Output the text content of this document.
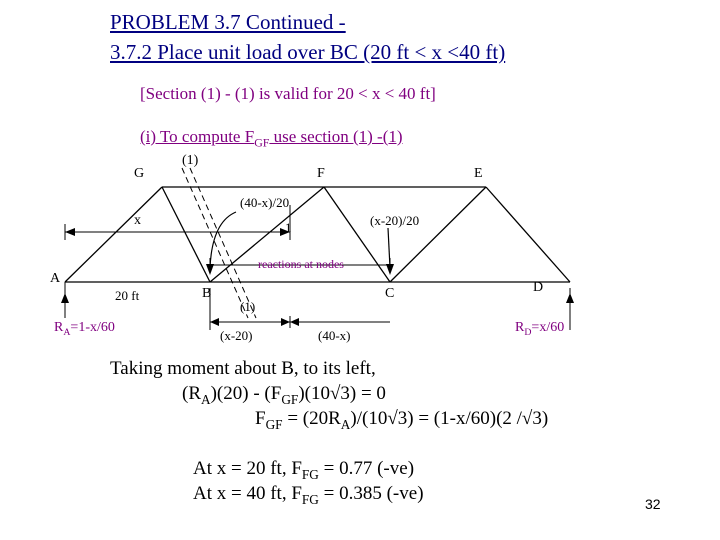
PROBLEM 3.7 Continued -
3.7.2 Place unit load over BC (20 ft < x <40 ft)
[Section (1) - (1) is valid for 20 < x < 40 ft]
(i) To compute $F_{GF}$ use section (1) -(1)
G	F	E
(1)
(40-x)/20
x	1	(x-20)/20
reactions at nodes
A
20 ft	B	C	D
(1)
$R_A=1-x/60$
(x-20)	(40-x)
$R_D=x/60$
Taking moment about B, to its left,
$(R_A)(20) - (F_{GF})(10√3) = 0$
$F_{GF} = (20R_A)/(10√3) = (1-x/60)(2$ /√3)
At x = 20 ft, $F_{FG} = 0.77$ (-ve)
At x = 40 ft, $F_{FG} = 0.385$ (-ve)	32
